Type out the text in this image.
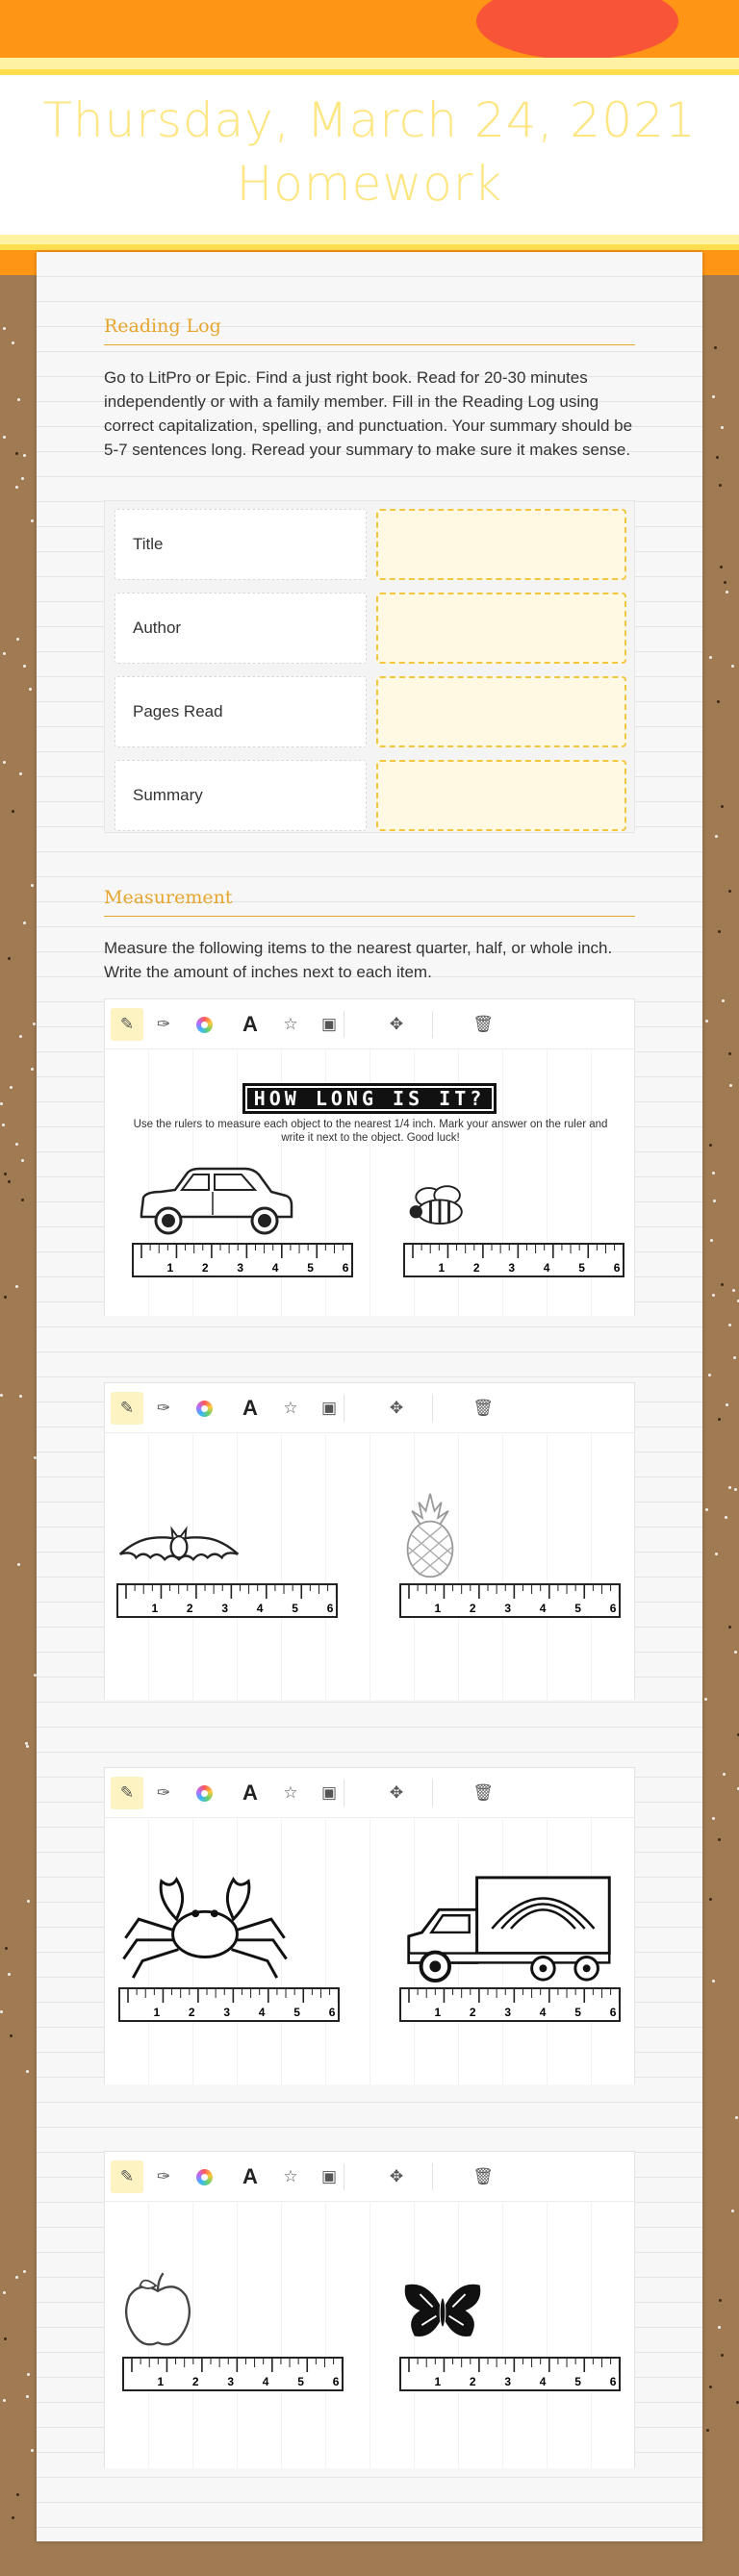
Thursday, March 24, 2021
Homework
Reading Log
Go to LitPro or Epic. Find a just right book. Read for 20-30 minutes independently or with a family member. Fill in the Reading Log using correct capitalization, spelling, and punctuation. Your summary should be 5-7 sentences long. Reread your summary to make sure it makes sense.
Title
Author
Pages Read
Summary
Measurement
Measure the following items to the nearest quarter, half, or whole inch. Write the amount of inches next to each item.
✎ ✑	A ☆ ▣	✥	🗑
HOW LONG IS IT?
Use the rulers to measure each object to the nearest 1/4 inch. Mark your answer on the ruler and write it next to the object. Good luck!
1 2 3 4 5 6	1 2 3 4 5 6
✎ ✑	A ☆ ▣	✥	🗑
1 2 3 4 5 6	1 2 3 4 5 6
✎ ✑	A ☆ ▣	✥	🗑
1 2 3 4 5 6	1 2 3 4 5 6
✎ ✑	A ☆ ▣	✥	🗑
1 2 3 4 5 6	1 2 3 4 5 6
